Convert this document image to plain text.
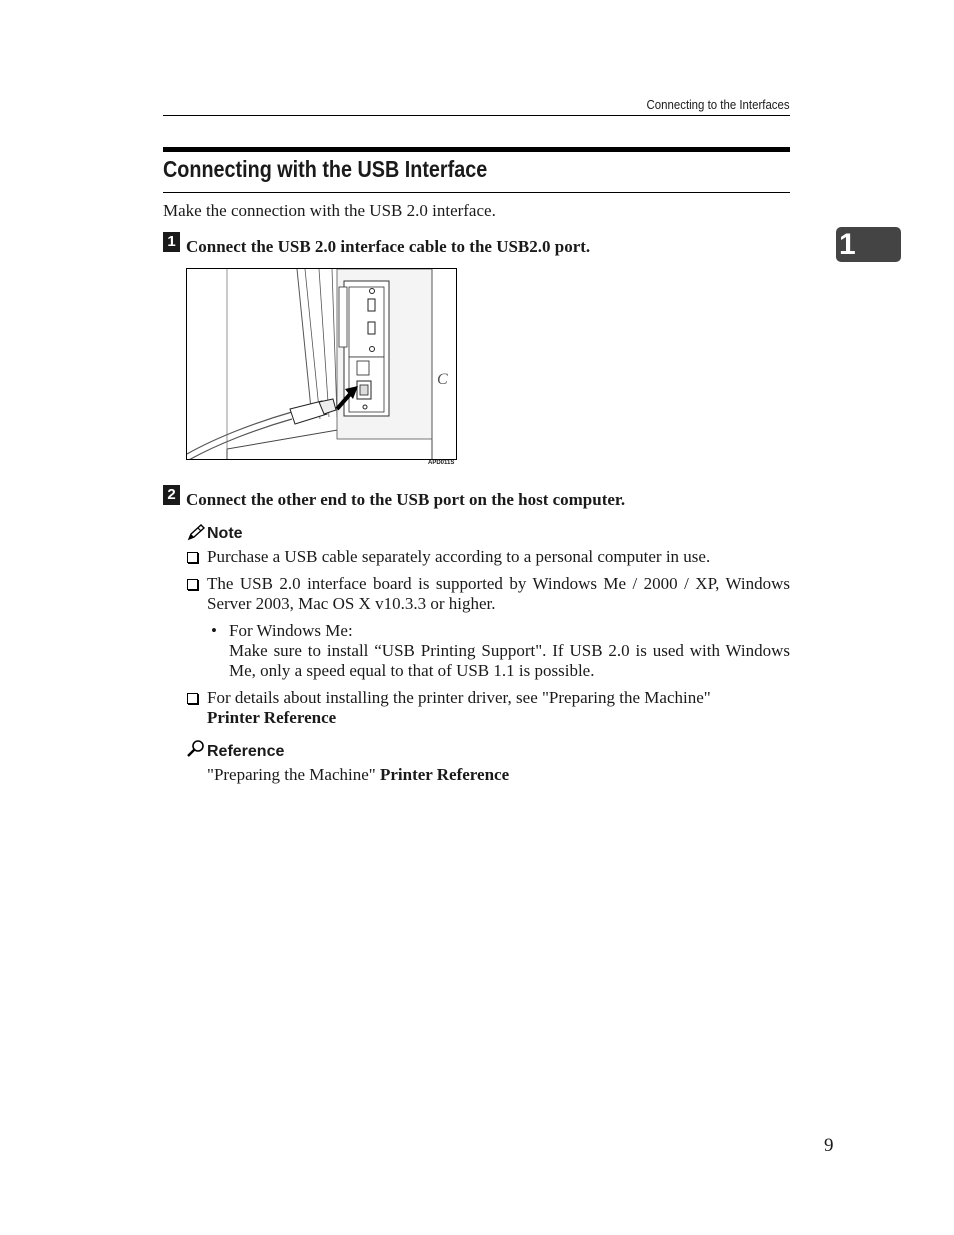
Connecting to the Interfaces
Connecting with the USB Interface
Make the connection with the USB 2.0 interface.
1
1 Connect the USB 2.0 interface cable to the USB2.0 port.
C
APD011S
2 Connect the other end to the USB port on the host computer.
Note
Purchase a USB cable separately according to a personal computer in use.
The USB 2.0 interface board is supported by Windows Me / 2000 / XP, Windows Server 2003, Mac OS X v10.3.3 or higher.
• For Windows Me:
Make sure to install “USB Printing Support". If USB 2.0 is used with Windows Me, only a speed equal to that of USB 1.1 is possible.
For details about installing the printer driver, see "Preparing the Machine"
Printer Reference
Reference
"Preparing the Machine" Printer Reference
9
